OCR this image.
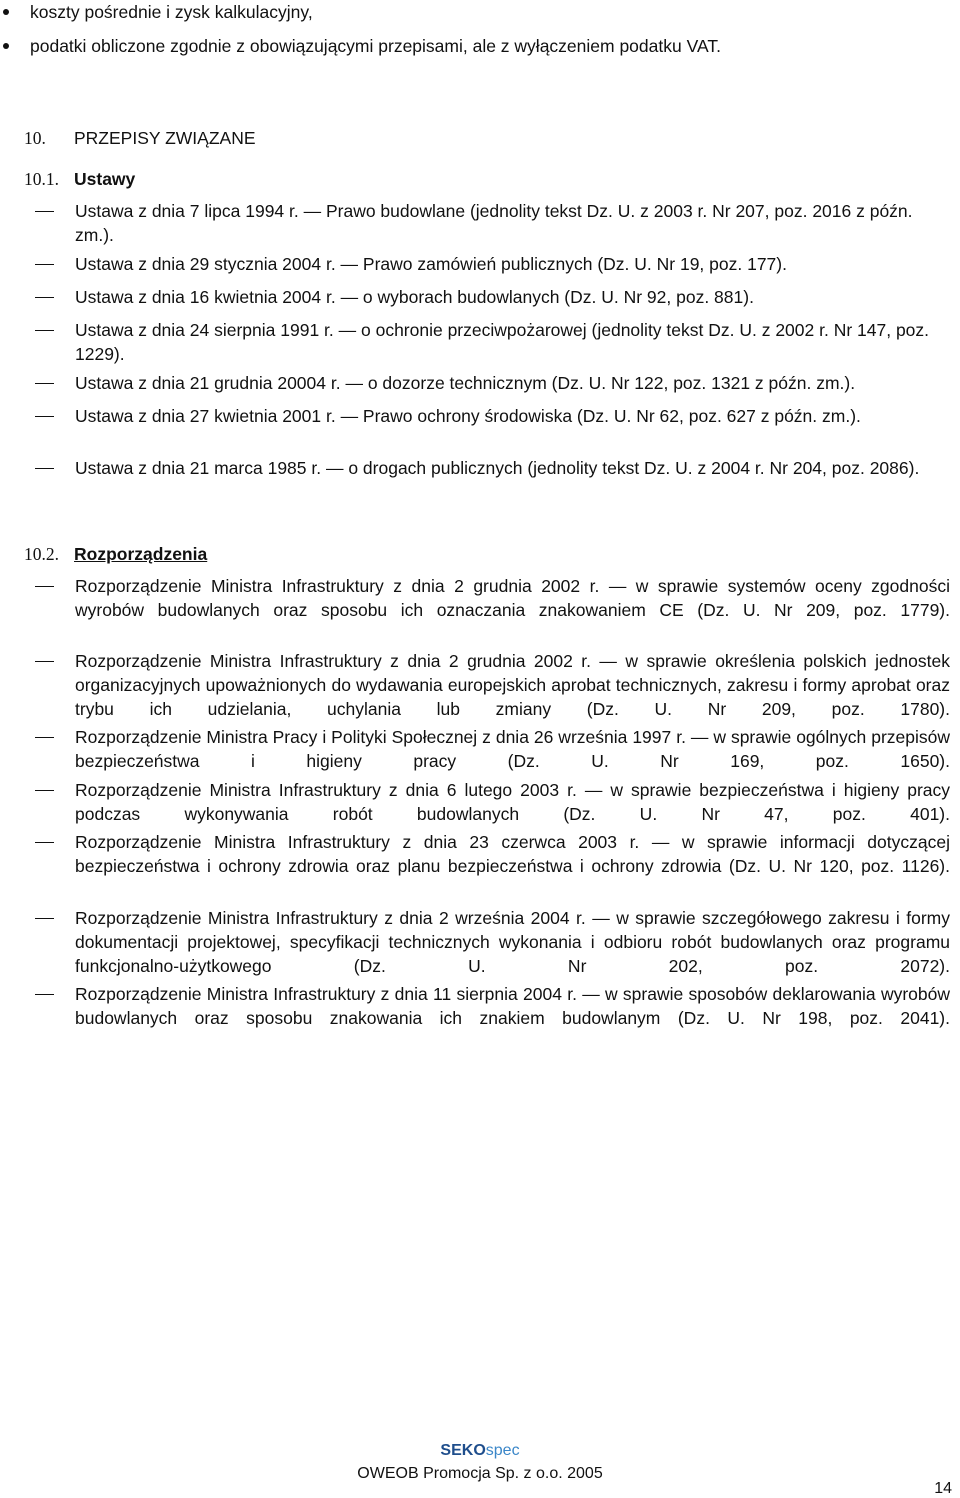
koszty pośrednie i zysk kalkulacyjny,
podatki obliczone zgodnie z obowiązującymi przepisami, ale z wyłączeniem podatku VAT.
10. PRZEPISY ZWIĄZANE
10.1. Ustawy
Ustawa z dnia 7 lipca 1994 r. — Prawo budowlane (jednolity tekst Dz. U. z 2003 r. Nr 207, poz. 2016 z późn. zm.).
Ustawa z dnia 29 stycznia 2004 r. — Prawo zamówień publicznych (Dz. U. Nr 19, poz. 177).
Ustawa z dnia 16 kwietnia 2004 r. — o wyborach budowlanych (Dz. U. Nr 92, poz. 881).
Ustawa z dnia 24 sierpnia 1991 r. — o ochronie przeciwpożarowej (jednolity tekst Dz. U. z 2002 r. Nr 147, poz. 1229).
Ustawa z dnia 21 grudnia 20004 r. — o dozorze technicznym (Dz. U. Nr 122, poz. 1321 z późn. zm.).
Ustawa z dnia 27 kwietnia 2001 r. — Prawo ochrony środowiska (Dz. U. Nr 62, poz. 627 z późn. zm.).
Ustawa z dnia 21 marca 1985 r. — o drogach publicznych (jednolity tekst Dz. U. z 2004 r. Nr 204, poz. 2086).
10.2. Rozporządzenia
Rozporządzenie Ministra Infrastruktury z dnia 2 grudnia 2002 r. — w sprawie systemów oceny zgodności wyrobów budowlanych oraz sposobu ich oznaczania znakowaniem CE (Dz. U. Nr 209, poz. 1779).
Rozporządzenie Ministra Infrastruktury z dnia 2 grudnia 2002 r. — w sprawie określenia polskich jednostek organizacyjnych upoważnionych do wydawania europejskich aprobat technicznych, zakresu i formy aprobat oraz trybu ich udzielania, uchylania lub zmiany (Dz. U. Nr 209, poz. 1780).
Rozporządzenie Ministra Pracy i Polityki Społecznej z dnia 26 września 1997 r. — w sprawie ogólnych przepisów bezpieczeństwa i higieny pracy (Dz. U. Nr 169, poz. 1650).
Rozporządzenie Ministra Infrastruktury z dnia 6 lutego 2003 r. — w sprawie bezpieczeństwa i higieny pracy podczas wykonywania robót budowlanych (Dz. U. Nr 47, poz. 401).
Rozporządzenie Ministra Infrastruktury z dnia 23 czerwca 2003 r. — w sprawie informacji dotyczącej bezpieczeństwa i ochrony zdrowia oraz planu bezpieczeństwa i ochrony zdrowia (Dz. U. Nr 120, poz. 1126).
Rozporządzenie Ministra Infrastruktury z dnia 2 września 2004 r. — w sprawie szczegółowego zakresu i formy dokumentacji projektowej, specyfikacji technicznych wykonania i odbioru robót budowlanych oraz programu funkcjonalno-użytkowego (Dz. U. Nr 202, poz. 2072).
Rozporządzenie Ministra Infrastruktury z dnia 11 sierpnia 2004 r. — w sprawie sposobów deklarowania wyrobów budowlanych oraz sposobu znakowania ich znakiem budowlanym (Dz. U. Nr 198, poz. 2041).
SEKOspec
OWEOB Promocja Sp. z o.o. 2005
14
